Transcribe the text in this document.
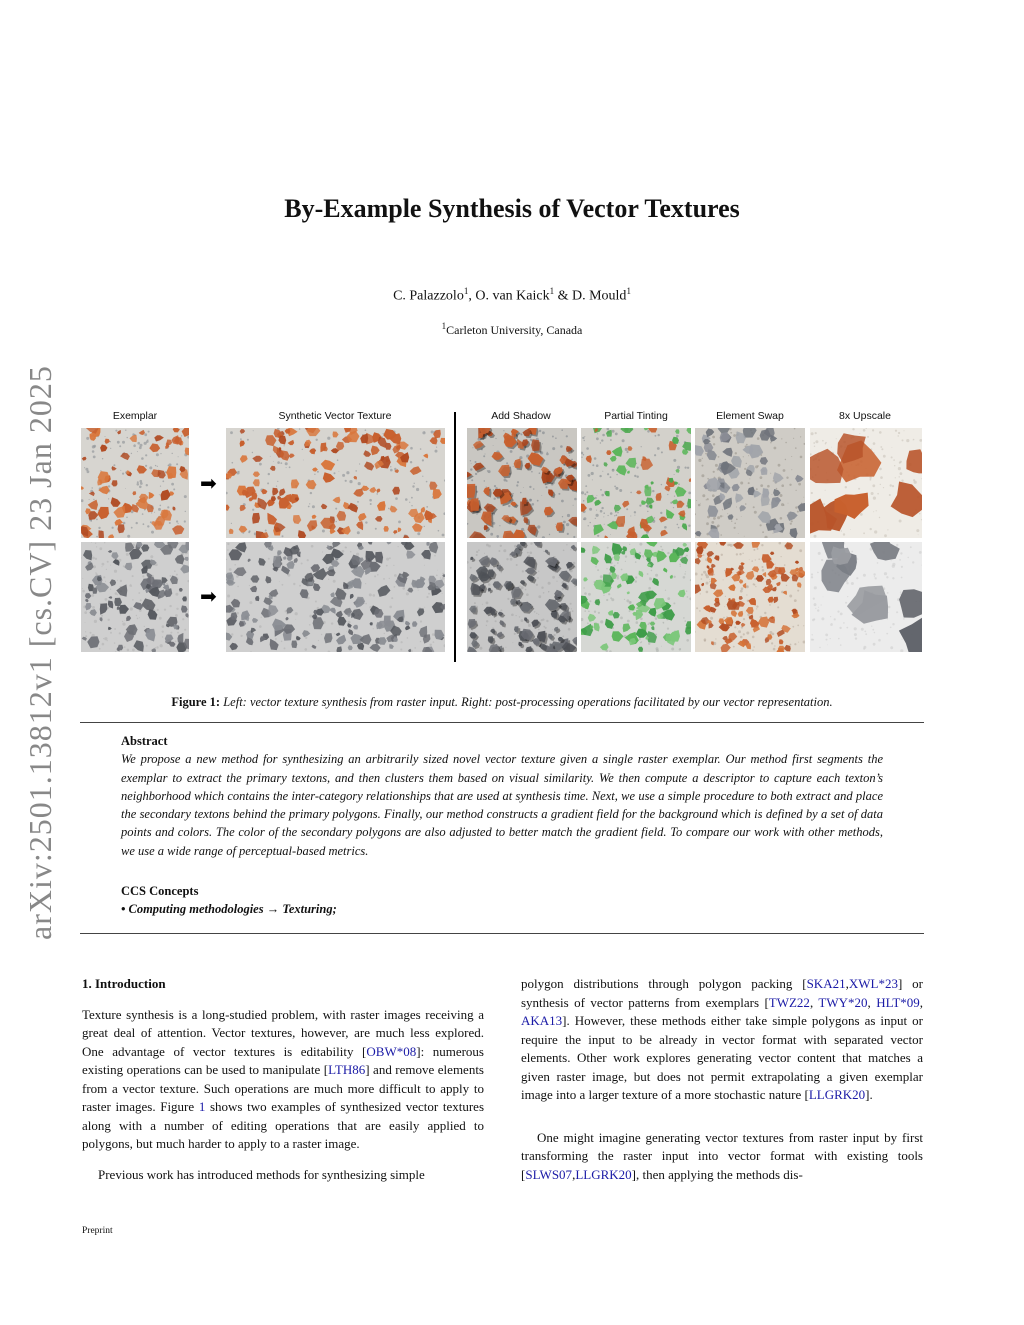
arXiv:2501.13812v1 [cs.CV] 23 Jan 2025
By-Example Synthesis of Vector Textures
C. Palazzolo$^1$, O. van Kaick$^1$ & D. Mould$^1$
$^1$Carleton University, Canada
Exemplar	Synthetic Vector Texture	Add Shadow	Partial Tinting	Element Swap	8x Upscale
➡
➡
Figure 1: Left: vector texture synthesis from raster input. Right: post-processing operations facilitated by our vector representation.
Abstract

We propose a new method for synthesizing an arbitrarily sized novel vector texture given a single raster exemplar. Our method first segments the exemplar to extract the primary textons, and then clusters them based on visual similarity. We then compute a descriptor to capture each texton’s neighborhood which contains the inter-category relationships that are used at synthesis time. Next, we use a simple procedure to both extract and place the secondary textons behind the primary polygons. Finally, our method constructs a gradient field for the background which is defined by a set of data points and colors. The color of the secondary polygons are also adjusted to better match the gradient field. To compare our work with other methods, we use a wide range of perceptual-based metrics.

CCS Concepts
• Computing methodologies → Texturing;
1. Introduction

Texture synthesis is a long-studied problem, with raster images receiving a great deal of attention. Vector textures, however, are much less explored. One advantage of vector textures is editability [OBW*08]: numerous existing operations can be used to manipulate [LTH86] and remove elements from a vector texture. Such operations are much more difficult to apply to raster images. Figure 1 shows two examples of synthesized vector textures along with a number of editing operations that are easily applied to polygons, but much harder to apply to a raster image.

Previous work has introduced methods for synthesizing simple

polygon distributions through polygon packing [SKA21,XWL*23] or synthesis of vector patterns from exemplars [TWZ22, TWY*20, HLT*09, AKA13]. However, these methods either take simple polygons as input or require the input to be already in vector format with separated vector elements. Other work explores generating vector content that matches a given raster image, but does not permit extrapolating a given exemplar image into a larger texture of a more stochastic nature [LLGRK20].

One might imagine generating vector textures from raster input by first transforming the raster input into vector format with existing tools [SLWS07,LLGRK20], then applying the methods dis-

Preprint
